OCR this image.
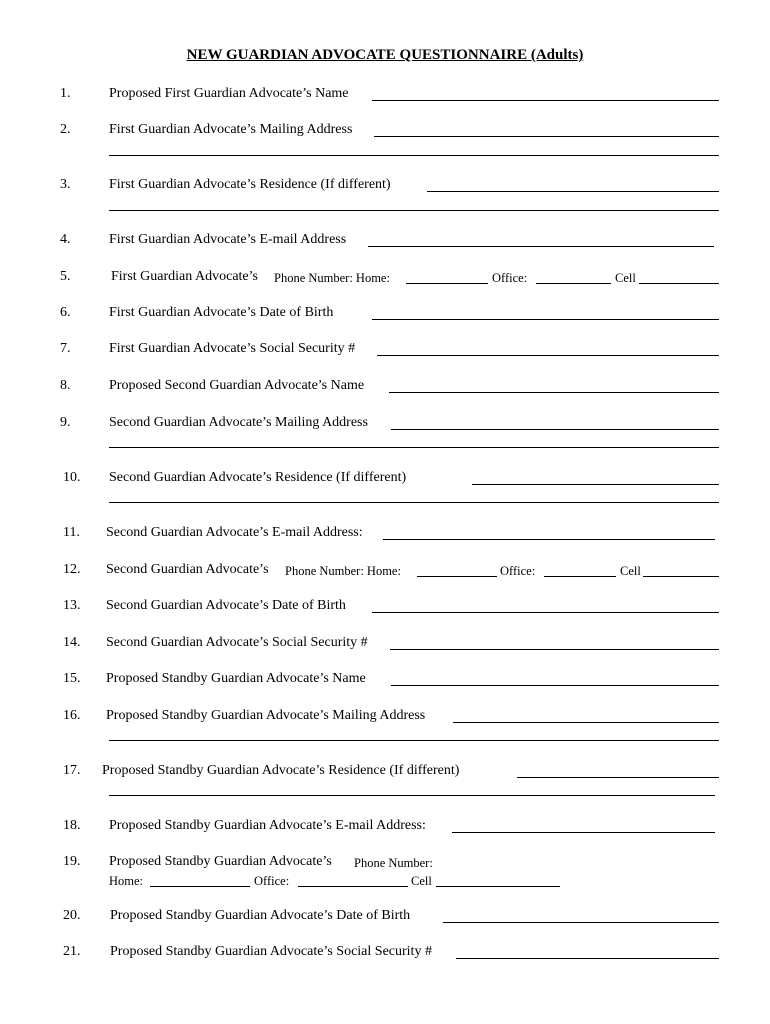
NEW GUARDIAN ADVOCATE QUESTIONNAIRE (Adults)
1.	Proposed First Guardian Advocate’s Name
2.	First Guardian Advocate’s Mailing Address
3.	First Guardian Advocate’s Residence (If different)
4.	First Guardian Advocate’s E-mail Address
5.	First Guardian Advocate’s Phone Number: Home:	Office:	Cell
6.	First Guardian Advocate’s Date of Birth
7.	First Guardian Advocate’s Social Security #
8.	Proposed Second Guardian Advocate’s Name
9.	Second Guardian Advocate’s Mailing Address
10. Second Guardian Advocate’s Residence (If different)
11. Second Guardian Advocate’s E-mail Address:
12. Second Guardian Advocate’s Phone Number: Home:	Office:	Cell
13. Second Guardian Advocate’s Date of Birth
14. Second Guardian Advocate’s Social Security #
15. Proposed Standby Guardian Advocate’s Name
16. Proposed Standby Guardian Advocate’s Mailing Address
17. Proposed Standby Guardian Advocate’s Residence (If different)
18. Proposed Standby Guardian Advocate’s E-mail Address:
19. Proposed Standby Guardian Advocate’s Phone Number:
Home:	Office:	Cell
20. Proposed Standby Guardian Advocate’s Date of Birth
21. Proposed Standby Guardian Advocate’s Social Security #
